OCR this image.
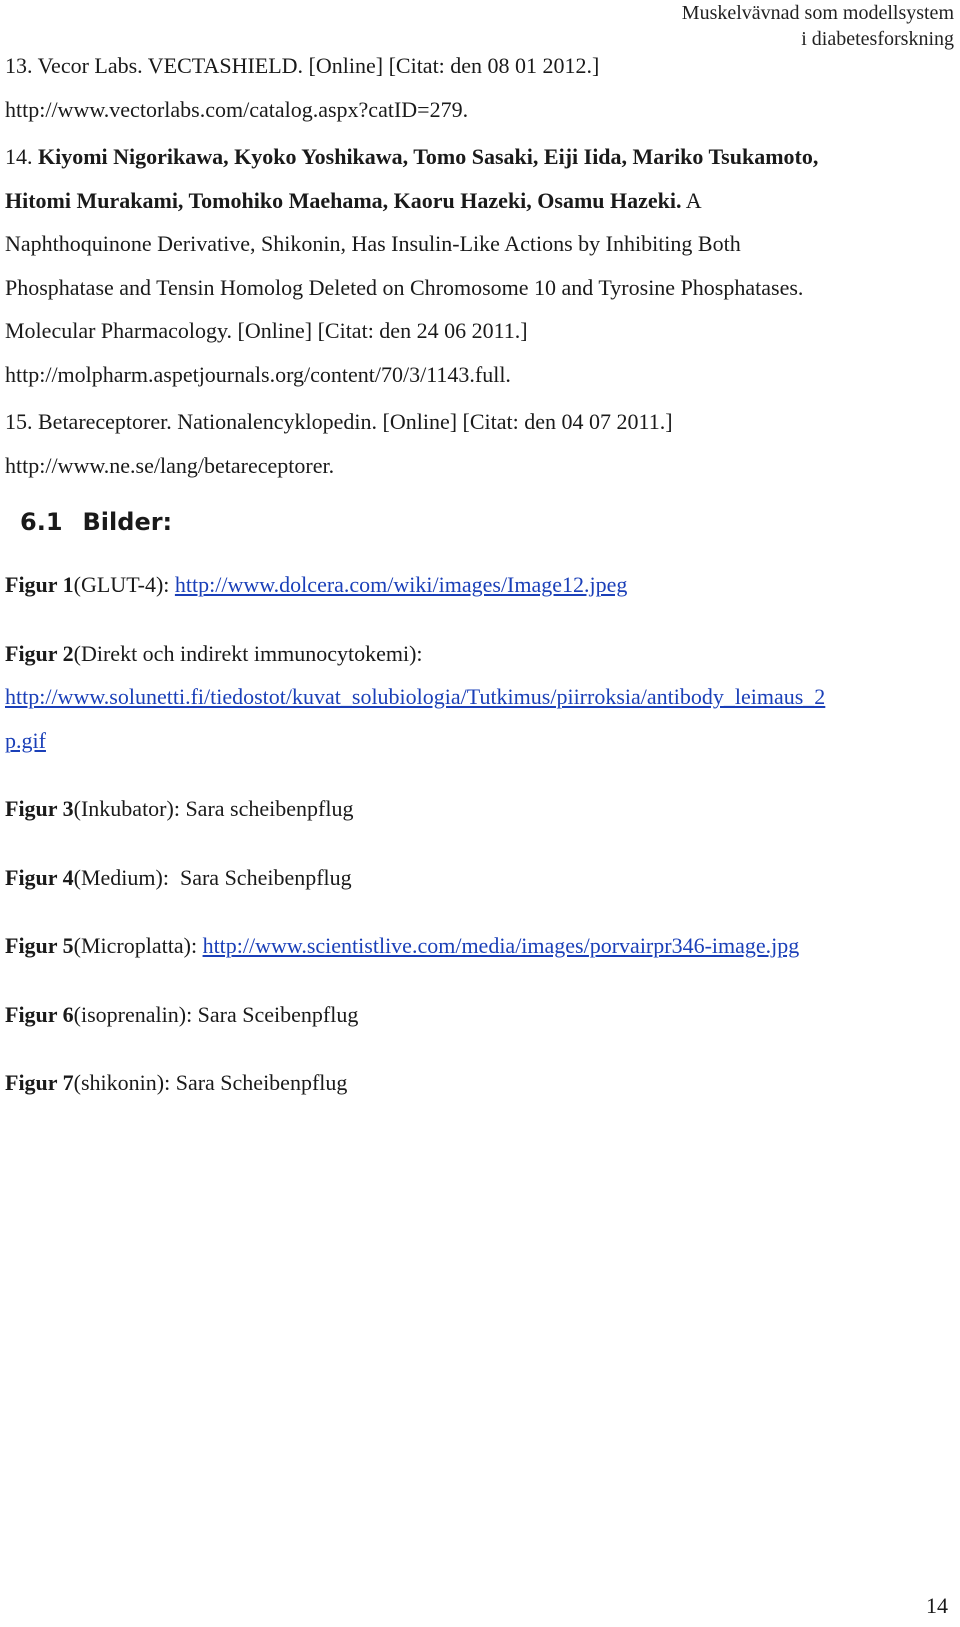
Muskelvävnad som modellsystem
i diabetesforskning
13. Vecor Labs. VECTASHIELD. [Online] [Citat: den 08 01 2012.]
http://www.vectorlabs.com/catalog.aspx?catID=279.
14. Kiyomi Nigorikawa, Kyoko Yoshikawa, Tomo Sasaki, Eiji Iida, Mariko Tsukamoto,
Hitomi Murakami, Tomohiko Maehama, Kaoru Hazeki, Osamu Hazeki. A
Naphthoquinone Derivative, Shikonin, Has Insulin-Like Actions by Inhibiting Both
Phosphatase and Tensin Homolog Deleted on Chromosome 10 and Tyrosine Phosphatases.
Molecular Pharmacology. [Online] [Citat: den 24 06 2011.]
http://molpharm.aspetjournals.org/content/70/3/1143.full.
15. Betareceptorer. Nationalencyklopedin. [Online] [Citat: den 04 07 2011.]
http://www.ne.se/lang/betareceptorer.
6.1 Bilder:
Figur 1(GLUT-4): http://www.dolcera.com/wiki/images/Image12.jpeg
Figur 2(Direkt och indirekt immunocytokemi):
http://www.solunetti.fi/tiedostot/kuvat_solubiologia/Tutkimus/piirroksia/antibody_leimaus_2
p.gif
Figur 3(Inkubator): Sara scheibenpflug
Figur 4(Medium):  Sara Scheibenpflug
Figur 5(Microplatta): http://www.scientistlive.com/media/images/porvairpr346-image.jpg
Figur 6(isoprenalin): Sara Sceibenpflug
Figur 7(shikonin): Sara Scheibenpflug
14
